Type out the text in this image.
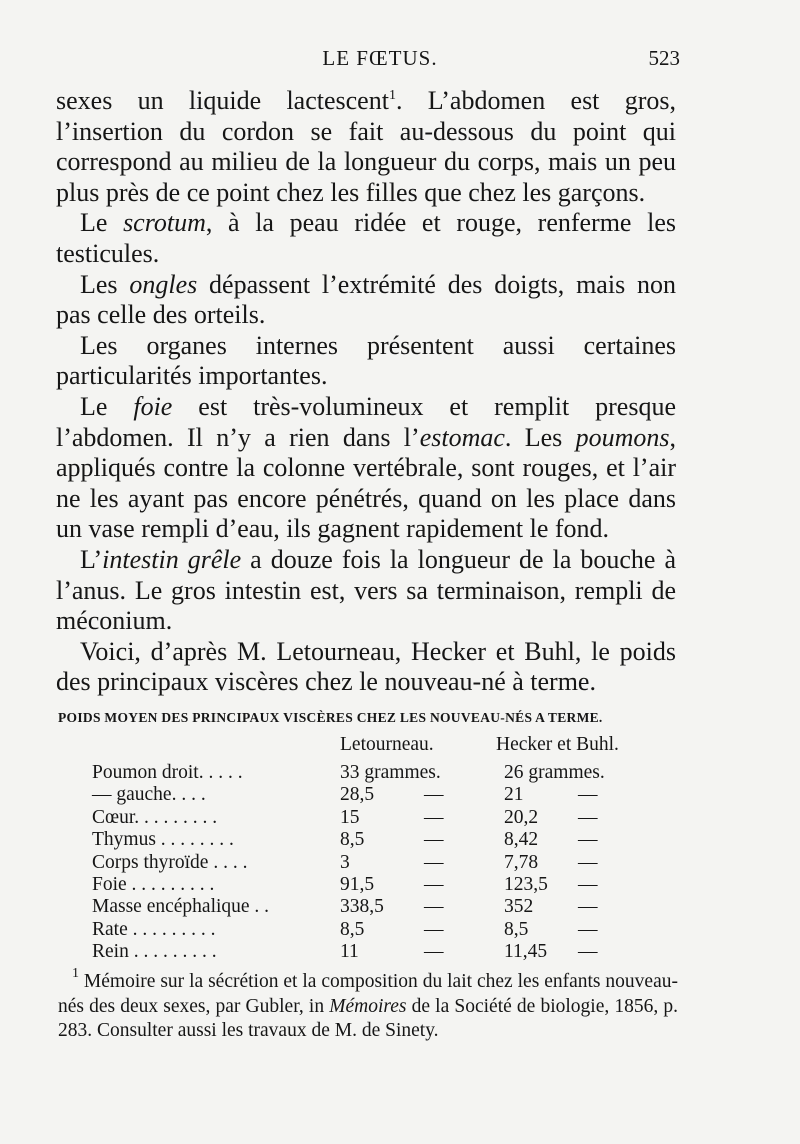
LE FŒTUS.	523

sexes un liquide lactescent$^1$. L’abdomen est gros, l’insertion du cordon se fait au-dessous du point qui correspond au milieu de la longueur du corps, mais un peu plus près de ce point chez les filles que chez les garçons.

Le scrotum, à la peau ridée et rouge, renferme les testicules.

Les ongles dépassent l’extrémité des doigts, mais non pas celle des orteils.

Les organes internes présentent aussi certaines particularités importantes.

Le foie est très-volumineux et remplit presque l’abdomen. Il n’y a rien dans l’estomac. Les poumons, appliqués contre la colonne vertébrale, sont rouges, et l’air ne les ayant pas encore pénétrés, quand on les place dans un vase rempli d’eau, ils gagnent rapidement le fond.

L’intestin grêle a douze fois la longueur de la bouche à l’anus. Le gros intestin est, vers sa terminaison, rempli de méconium.

Voici, d’après M. Letourneau, Hecker et Buhl, le poids des principaux viscères chez le nouveau-né à terme.

POIDS MOYEN DES PRINCIPAUX VISCÈRES CHEZ LES NOUVEAU-NÉS A TERME.
Letourneau.	Hecker et Buhl.
Poumon droit. . . . .	33 grammes.	26 grammes.
— gauche. . . .	28,5	—	21	—
Cœur. . . . . . . . .	15	—	20,2 —
Thymus . . . . . . . .	8,5	—	8,42 —
Corps thyroïde . . . .	3	—	7,78 —
Foie . . . . . . . . .	91,5	—	123,5 —
Masse encéphalique . .	338,5 —	352 —
Rate . . . . . . . . .	8,5	—	8,5	—
Rein . . . . . . . . .	11	—	11,45 —

$^1$ Mémoire sur la sécrétion et la composition du lait chez les enfants nouveau-nés des deux sexes, par Gubler, in Mémoires de la Société de biologie, 1856, p. 283. Consulter aussi les travaux de M. de Sinety.
